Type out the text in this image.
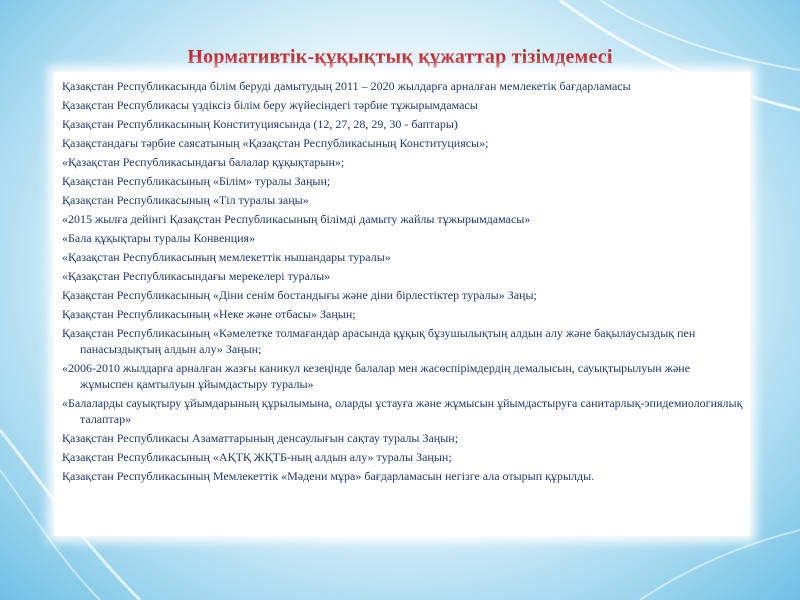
Нормативтік-құқықтық құжаттар тізімдемесі
Қазақстан Республикасында білім беруді дамытудың 2011 – 2020 жылдарға арналған мемлекетік бағдарламасы
Қазақстан Республикасы үздіксіз білім беру жүйесіндегі тәрбие тұжырымдамасы
Қазақстан Республикасының Конституциясында (12, 27, 28, 29, 30 - баптары)
Қазақстандағы тәрбие саясатының «Қазақстан Республикасының Конституциясы»;
«Қазақстан Республикасындағы балалар құқықтарын»;
Қазақстан Республикасының «Білім» туралы Заңын;
Қазақстан Республикасының «Тіл туралы заңы»
«2015 жылға дейінгі Қазақстан Республикасының білімді дамыту жайлы тұжырымдамасы»
«Бала құқықтары туралы Конвенция»
«Қазақстан Республикасының мемлекеттік нышандары туралы»
«Қазақстан Республикасындағы мерекелері туралы»
Қазақстан Республикасының «Діни сенім бостандығы және діни бірлестіктер туралы» Заңы;
Қазақстан Республикасының «Неке және отбасы» Заңын;
Қазақстан Республикасының «Кәмелетке толмағандар арасында құқық бұзушылықтың алдын алу және бақылаусыздық пен панасыздықтың алдын алу» Заңын;
«2006-2010 жылдарға арналған жазғы каникул кезеңінде балалар мен жасөспірімдердің демалысын, сауықтырылуын және жұмыспен қамтылуын ұйымдастыру туралы»
«Балаларды сауықтыру ұйымдарының құрылымына, оларды ұстауға және жұмысын ұйымдастыруға санитарлық-эпидемиологиялық талаптар»
Қазақстан Республикасы Азаматтарының денсаулығын сақтау туралы Заңын;
Қазақстан Республикасының «АҚТҚ ЖҚТБ-ның алдын алу» туралы Заңын;
Қазақстан Республикасының Мемлекеттік «Мәдени мұра» бағдарламасын негізге ала отырып құрылды.
